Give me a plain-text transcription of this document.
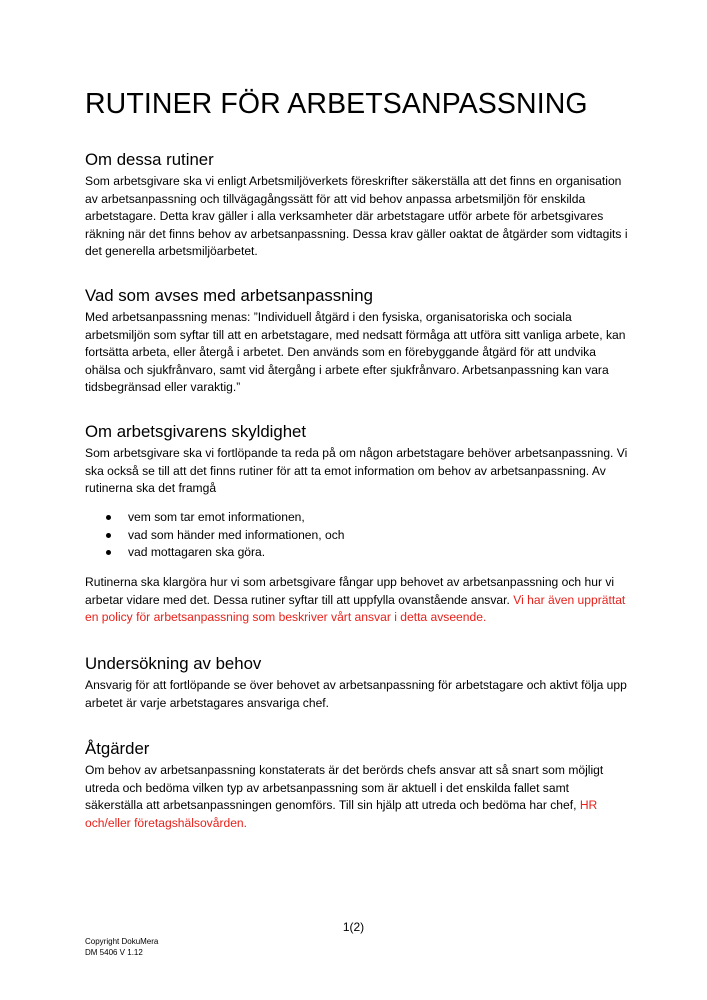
RUTINER FÖR ARBETSANPASSNING
Om dessa rutiner

Som arbetsgivare ska vi enligt Arbetsmiljöverkets föreskrifter säkerställa att det finns en organisation av arbetsanpassning och tillvägagångssätt för att vid behov anpassa arbetsmiljön för enskilda arbetstagare. Detta krav gäller i alla verksamheter där arbetstagare utför arbete för arbetsgivares räkning när det finns behov av arbetsanpassning. Dessa krav gäller oaktat de åtgärder som vidtagits i det generella arbetsmiljöarbetet.

Vad som avses med arbetsanpassning

Med arbetsanpassning menas: ”Individuell åtgärd i den fysiska, organisatoriska och sociala arbetsmiljön som syftar till att en arbetstagare, med nedsatt förmåga att utföra sitt vanliga arbete, kan fortsätta arbeta, eller återgå i arbetet. Den används som en förebyggande åtgärd för att undvika ohälsa och sjukfrånvaro, samt vid återgång i arbete efter sjukfrånvaro. Arbetsanpassning kan vara tidsbegränsad eller varaktig.”

Om arbetsgivarens skyldighet

Som arbetsgivare ska vi fortlöpande ta reda på om någon arbetstagare behöver arbetsanpassning. Vi ska också se till att det finns rutiner för att ta emot information om behov av arbetsanpassning. Av rutinerna ska det framgå

vem som tar emot informationen,
vad som händer med informationen, och
vad mottagaren ska göra.

Rutinerna ska klargöra hur vi som arbetsgivare fångar upp behovet av arbetsanpassning och hur vi arbetar vidare med det. Dessa rutiner syftar till att uppfylla ovanstående ansvar. Vi har även upprättat en policy för arbetsanpassning som beskriver vårt ansvar i detta avseende.

Undersökning av behov

Ansvarig för att fortlöpande se över behovet av arbetsanpassning för arbetstagare och aktivt följa upp arbetet är varje arbetstagares ansvariga chef.

Åtgärder

Om behov av arbetsanpassning konstaterats är det berörds chefs ansvar att så snart som möjligt utreda och bedöma vilken typ av arbetsanpassning som är aktuell i det enskilda fallet samt säkerställa att arbetsanpassningen genomförs. Till sin hjälp att utreda och bedöma har chef, HR och/eller företagshälsovården.

1(2)

Copyright DokuMera

DM 5406 V 1.12
